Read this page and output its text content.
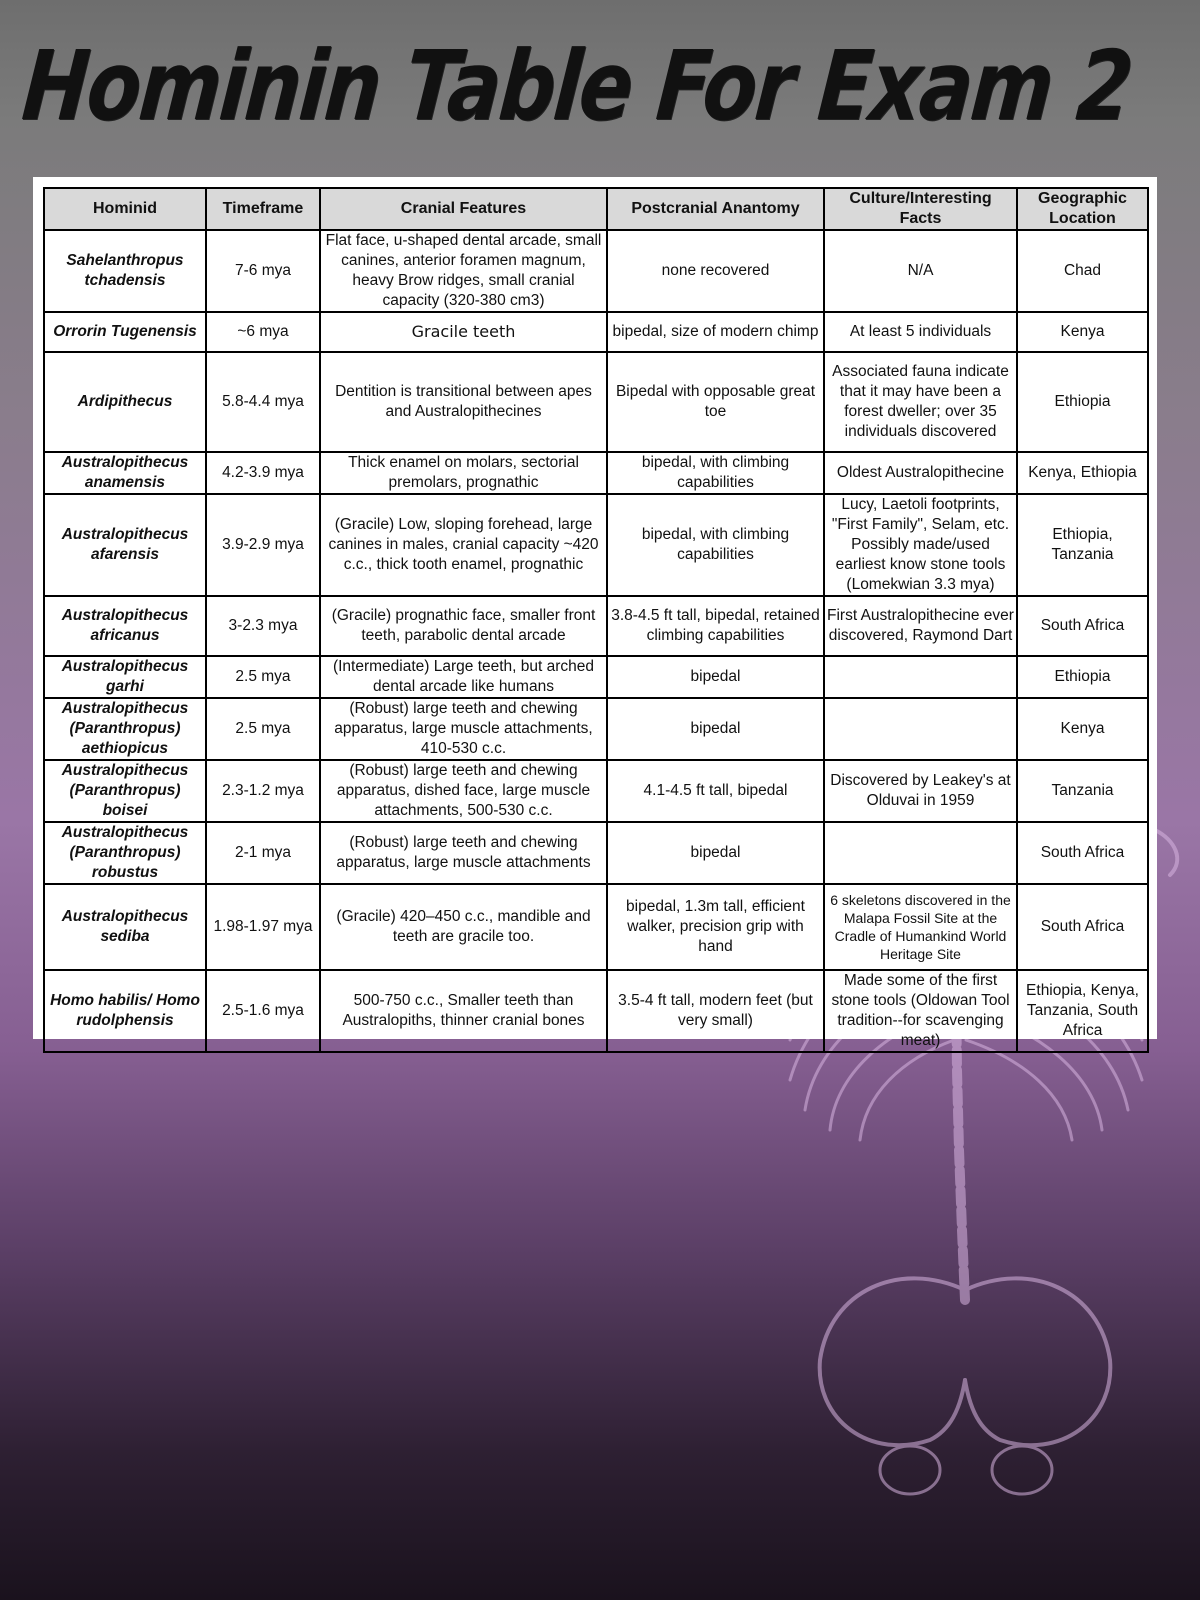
Hominin Table For Exam 2
Hominid	Timeframe	Cranial Features	Postcranial Anantomy	Culture/Interesting Facts	Geographic Location
Sahelanthropus tchadensis	7-6 mya	Flat face, u-shaped dental arcade, small canines, anterior foramen magnum, heavy Brow ridges, small cranial capacity (320-380 cm3)	none recovered	N/A	Chad
Orrorin Tugenensis	~6 mya	Gracile teeth	bipedal, size of modern chimp	At least 5 individuals	Kenya
Ardipithecus	5.8-4.4 mya	Dentition is transitional between apes and Australopithecines	Bipedal with opposable great toe	Associated fauna indicate that it may have been a forest dweller; over 35 individuals discovered	Ethiopia
Australopithecus anamensis	4.2-3.9 mya	Thick enamel on molars, sectorial premolars, prognathic	bipedal, with climbing capabilities	Oldest Australopithecine	Kenya, Ethiopia
Australopithecus afarensis	3.9-2.9 mya	(Gracile) Low, sloping forehead, large canines in males, cranial capacity ~420 c.c., thick tooth enamel, prognathic	bipedal, with climbing capabilities	Lucy, Laetoli footprints, "First Family", Selam, etc. Possibly made/used earliest know stone tools (Lomekwian 3.3 mya)	Ethiopia, Tanzania
Australopithecus africanus	3-2.3 mya	(Gracile) prognathic face, smaller front teeth, parabolic dental arcade	3.8-4.5 ft tall, bipedal, retained climbing capabilities	First Australopithecine ever discovered, Raymond Dart	South Africa
Australopithecus garhi	2.5 mya	(Intermediate) Large teeth, but arched dental arcade like humans	bipedal		Ethiopia
Australopithecus (Paranthropus) aethiopicus	2.5 mya	(Robust) large teeth and chewing apparatus, large muscle attachments, 410-530 c.c.	bipedal		Kenya
Australopithecus (Paranthropus) boisei	2.3-1.2 mya	(Robust) large teeth and chewing apparatus, dished face, large muscle attachments, 500-530 c.c.	4.1-4.5 ft tall, bipedal	Discovered by Leakey's at Olduvai in 1959	Tanzania
Australopithecus (Paranthropus) robustus	2-1 mya	(Robust) large teeth and chewing apparatus, large muscle attachments	bipedal		South Africa
Australopithecus sediba	1.98-1.97 mya	(Gracile) 420–450 c.c., mandible and teeth are gracile too.	bipedal, 1.3m tall, efficient walker, precision grip with hand	6 skeletons discovered in the Malapa Fossil Site at the Cradle of Humankind World Heritage Site	South Africa
Homo habilis/ Homo rudolphensis	2.5-1.6 mya	500-750 c.c., Smaller teeth than Australopiths, thinner cranial bones	3.5-4 ft tall, modern feet (but very small)	Made some of the first stone tools (Oldowan Tool tradition--for scavenging meat)	Ethiopia, Kenya, Tanzania, South Africa
